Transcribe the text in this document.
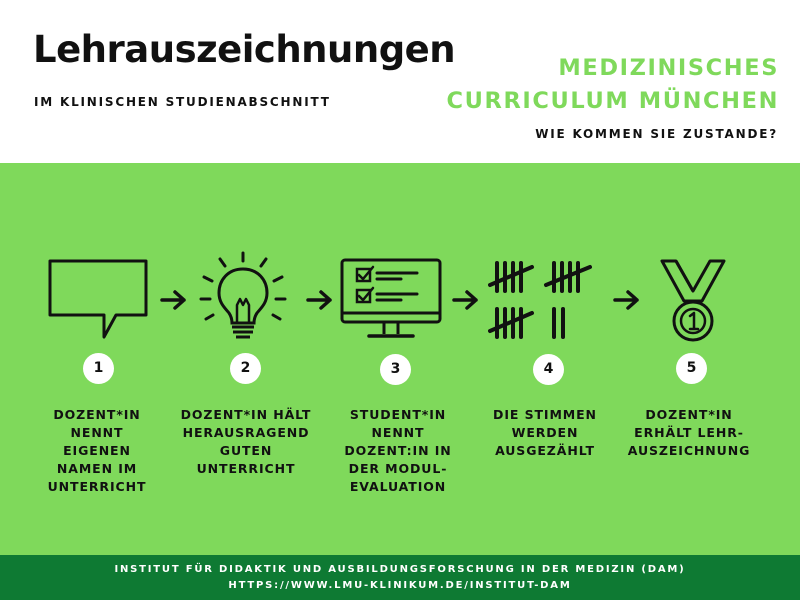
Lehrauszeichnungen
IM KLINISCHEN STUDIENABSCHNITT
MEDIZINISCHES
CURRICULUM MÜNCHEN
WIE KOMMEN SIE ZUSTANDE?
1	2	3	4	5
DOZENT*IN
NENNT
EIGENEN
NAMEN IM
UNTERRICHT
DOZENT*IN HÄLT
HERAUSRAGEND
GUTEN
UNTERRICHT
STUDENT*IN
NENNT
DOZENT:IN IN
DER MODUL-
EVALUATION
DIE STIMMEN
WERDEN
AUSGEZÄHLT
DOZENT*IN
ERHÄLT LEHR-
AUSZEICHNUNG
INSTITUT FÜR DIDAKTIK UND AUSBILDUNGSFORSCHUNG IN DER MEDIZIN (DAM)
HTTPS://WWW.LMU-KLINIKUM.DE/INSTITUT-DAM
